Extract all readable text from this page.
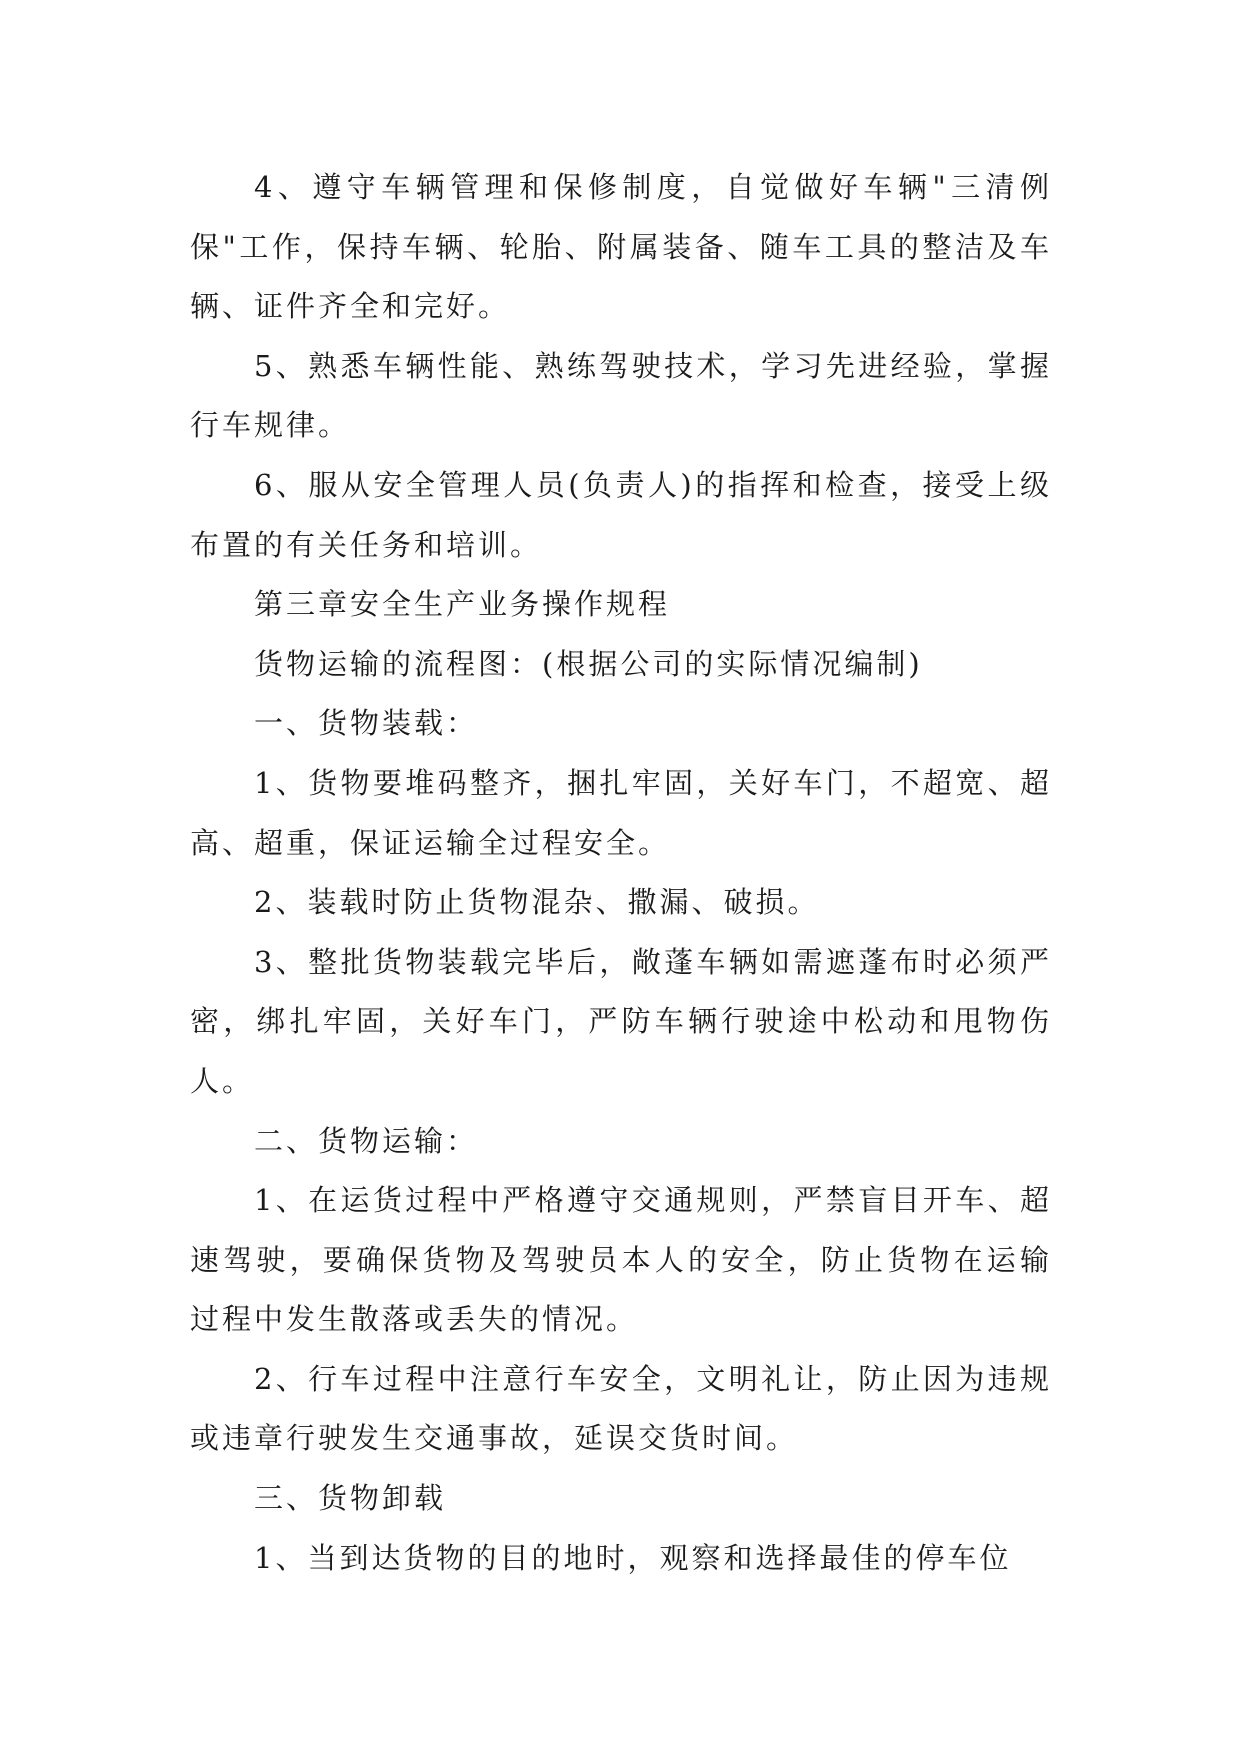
4、遵守车辆管理和保修制度，自觉做好车辆"三清例保"工作，保持车辆、轮胎、附属装备、随车工具的整洁及车辆、证件齐全和完好。

5、熟悉车辆性能、熟练驾驶技术，学习先进经验，掌握行车规律。

6、服从安全管理人员(负责人)的指挥和检查，接受上级布置的有关任务和培训。

第三章安全生产业务操作规程

货物运输的流程图：(根据公司的实际情况编制)

一、货物装载：

1、货物要堆码整齐，捆扎牢固，关好车门，不超宽、超高、超重，保证运输全过程安全。

2、装载时防止货物混杂、撒漏、破损。

3、整批货物装载完毕后，敞蓬车辆如需遮蓬布时必须严密，绑扎牢固，关好车门，严防车辆行驶途中松动和甩物伤人。

二、货物运输：

1、在运货过程中严格遵守交通规则，严禁盲目开车、超速驾驶，要确保货物及驾驶员本人的安全，防止货物在运输过程中发生散落或丢失的情况。

2、行车过程中注意行车安全，文明礼让，防止因为违规或违章行驶发生交通事故，延误交货时间。

三、货物卸载

1、当到达货物的目的地时，观察和选择最佳的停车位
